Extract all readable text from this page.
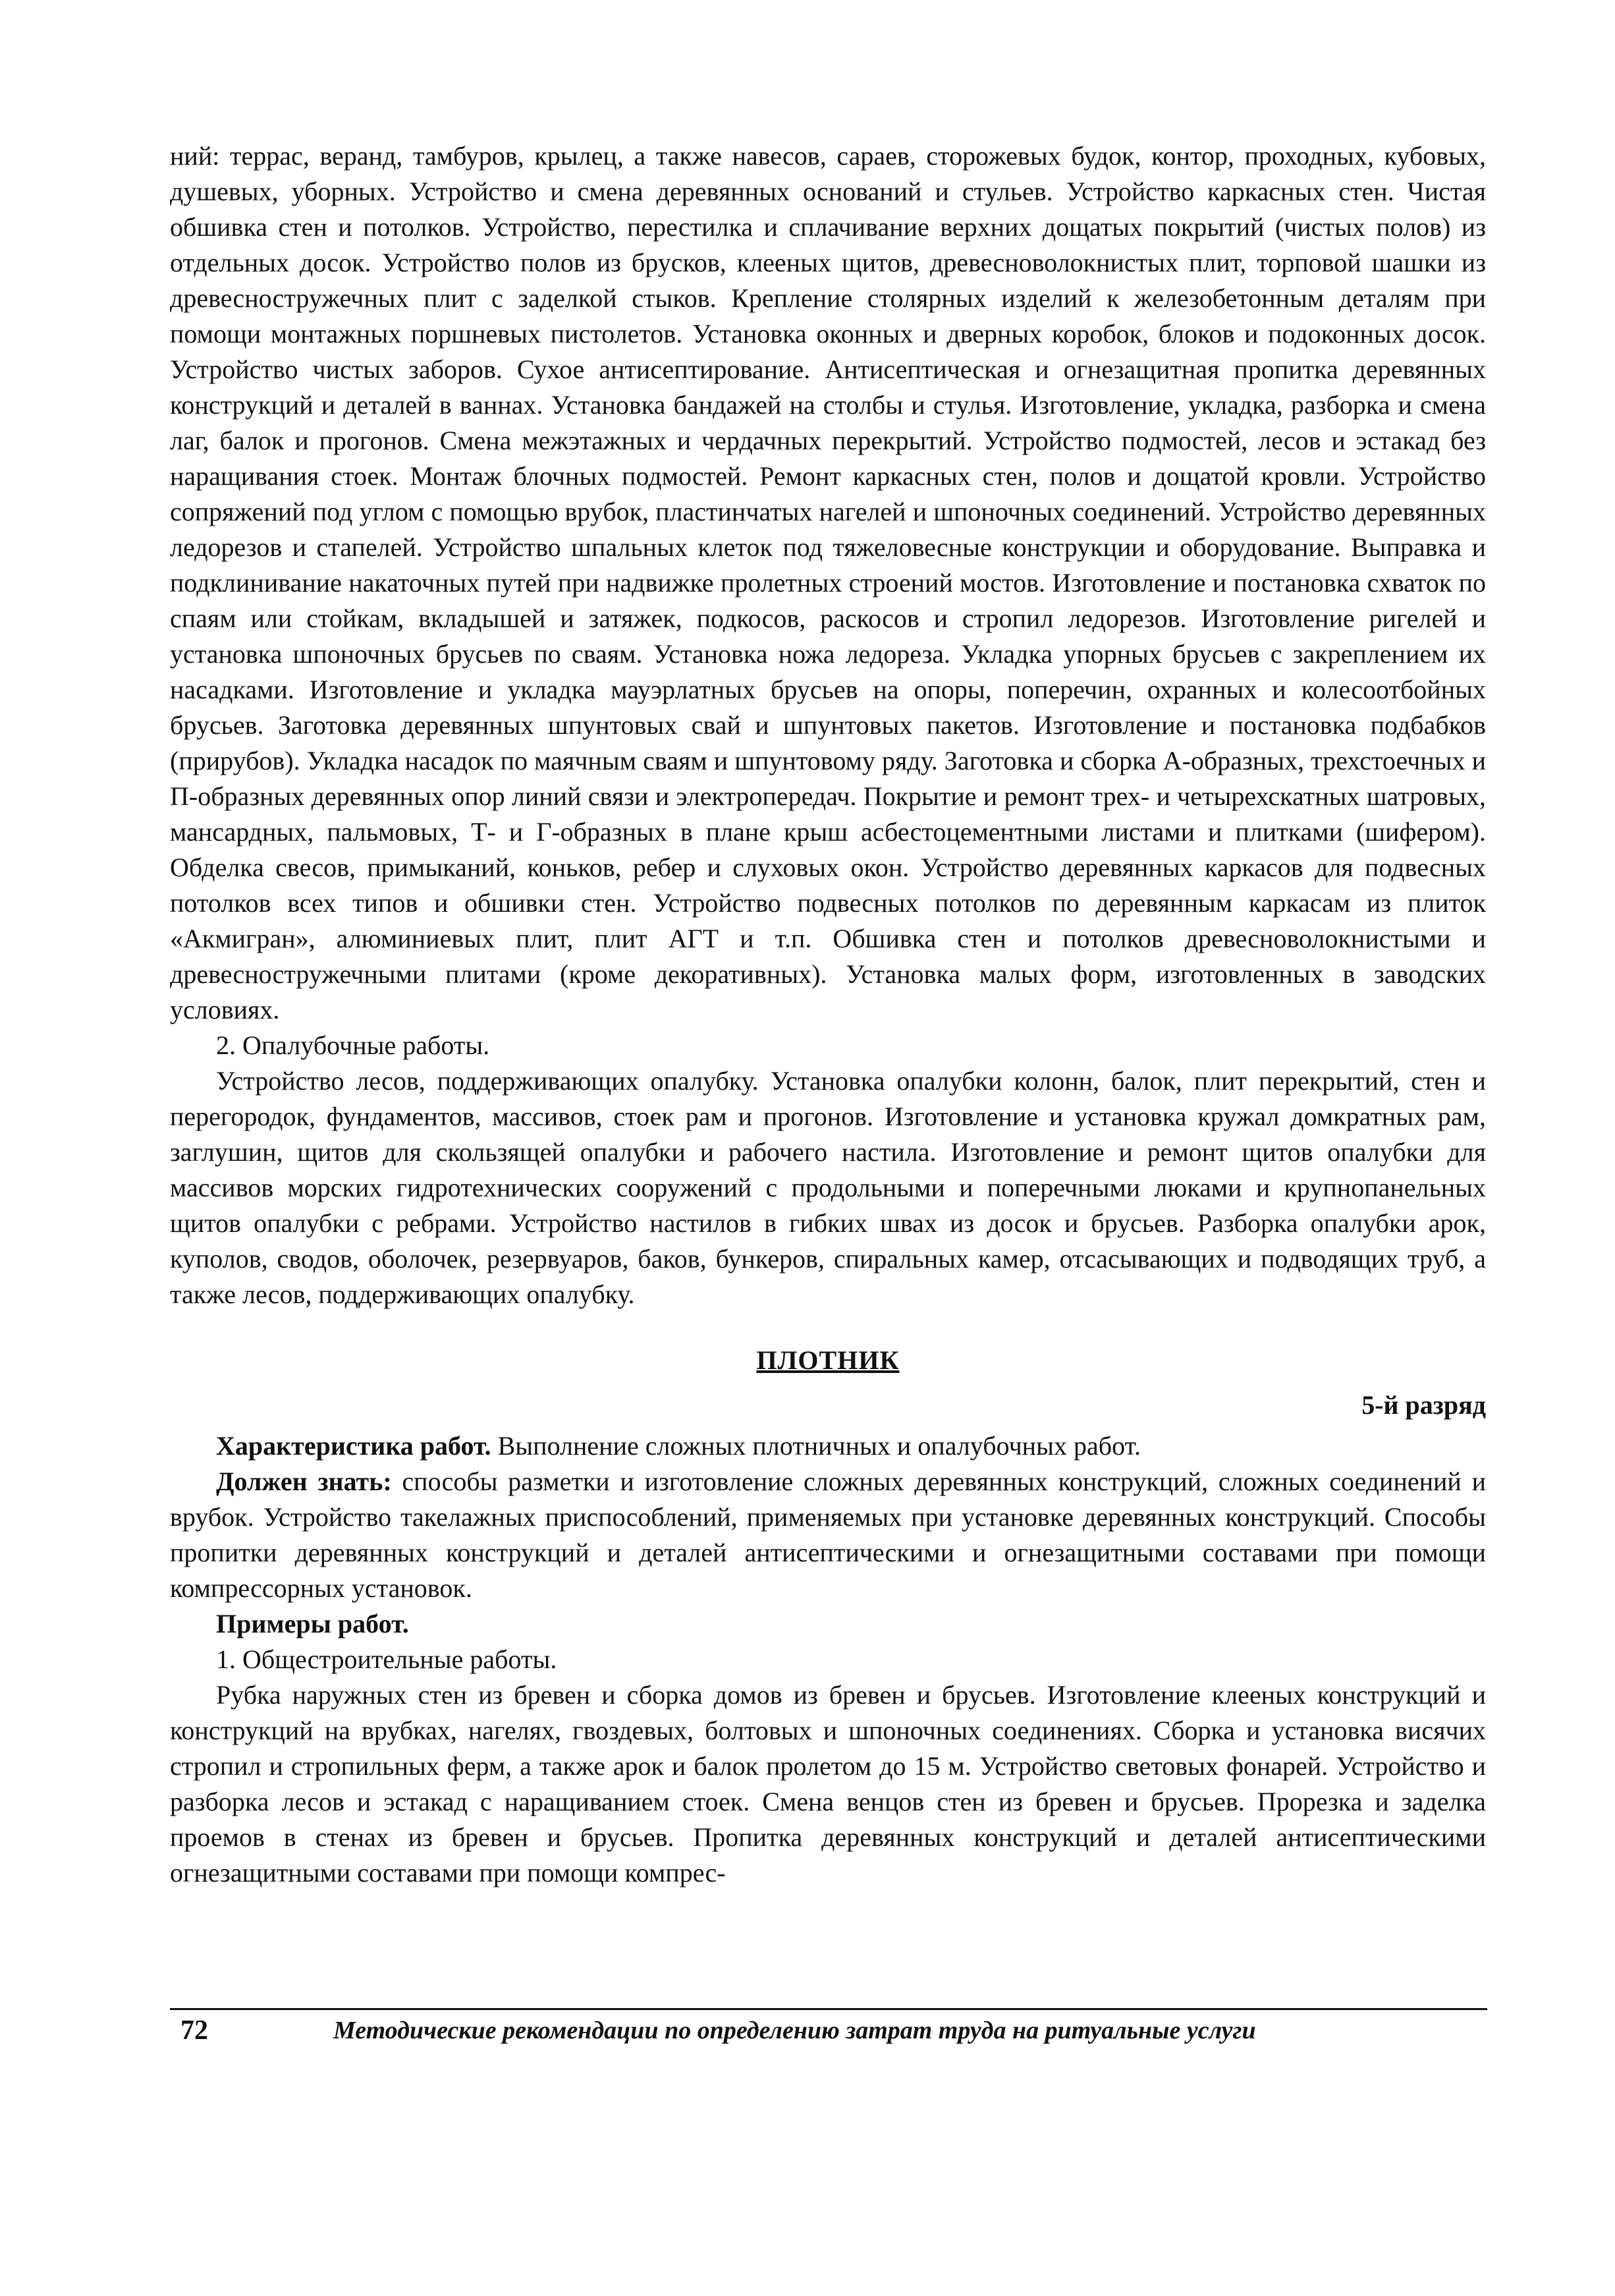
ний: террас, веранд, тамбуров, крылец, а также навесов, сараев, сторожевых будок, контор, проходных, кубовых, душевых, уборных. Устройство и смена деревянных оснований и стульев. Устройство каркасных стен. Чистая обшивка стен и потолков. Устройство, перестилка и сплачивание верхних дощатых покрытий (чистых полов) из отдельных досок. Устройство полов из брусков, клееных щитов, древесноволокнистых плит, торповой шашки из древесностружечных плит с заделкой стыков. Крепление столярных изделий к железобетонным деталям при помощи монтажных поршневых пистолетов. Установка оконных и дверных коробок, блоков и подоконных досок. Устройство чистых заборов. Сухое антисептирование. Антисептическая и огнезащитная пропитка деревянных конструкций и деталей в ваннах. Установка бандажей на столбы и стулья. Изготовление, укладка, разборка и смена лаг, балок и прогонов. Смена межэтажных и чердачных перекрытий. Устройство подмостей, лесов и эстакад без наращивания стоек. Монтаж блочных подмостей. Ремонт каркасных стен, полов и дощатой кровли. Устройство сопряжений под углом с помощью врубок, пластинчатых нагелей и шпоночных соединений. Устройство деревянных ледорезов и стапелей. Устройство шпальных клеток под тяжеловесные конструкции и оборудование. Выправка и подклинивание накаточных путей при надвижке пролетных строений мостов. Изготовление и постановка схваток по спаям или стойкам, вкладышей и затяжек, подкосов, раскосов и стропил ледорезов. Изготовление ригелей и установка шпоночных брусьев по сваям. Установка ножа ледореза. Укладка упорных брусьев с закреплением их насадками. Изготовление и укладка мауэрлатных брусьев на опоры, поперечин, охранных и колесоотбойных брусьев. Заготовка деревянных шпунтовых свай и шпунтовых пакетов. Изготовление и постановка подбабков (прирубов). Укладка насадок по маячным сваям и шпунтовому ряду. Заготовка и сборка А-образных, трехстоечных и П-образных деревянных опор линий связи и электропередач. Покрытие и ремонт трех- и четырехскатных шатровых, мансардных, пальмовых, Т- и Г-образных в плане крыш асбестоцементными листами и плитками (шифером). Обделка свесов, примыканий, коньков, ребер и слуховых окон. Устройство деревянных каркасов для подвесных потолков всех типов и обшивки стен. Устройство подвесных потолков по деревянным каркасам из плиток «Акмигран», алюминиевых плит, плит АГТ и т.п. Обшивка стен и потолков древесноволокнистыми и древесностружечными плитами (кроме декоративных). Установка малых форм, изготовленных в заводских условиях.

2. Опалубочные работы.

Устройство лесов, поддерживающих опалубку. Установка опалубки колонн, балок, плит перекрытий, стен и перегородок, фундаментов, массивов, стоек рам и прогонов. Изготовление и установка кружал домкратных рам, заглушин, щитов для скользящей опалубки и рабочего настила. Изготовление и ремонт щитов опалубки для массивов морских гидротехнических сооружений с продольными и поперечными люками и крупнопанельных щитов опалубки с ребрами. Устройство настилов в гибких швах из досок и брусьев. Разборка опалубки арок, куполов, сводов, оболочек, резервуаров, баков, бункеров, спиральных камер, отсасывающих и подводящих труб, а также лесов, поддерживающих опалубку.

ПЛОТНИК
5-й разряд

Характеристика работ. Выполнение сложных плотничных и опалубочных работ.

Должен знать: способы разметки и изготовление сложных деревянных конструкций, сложных соединений и врубок. Устройство такелажных приспособлений, применяемых при установке деревянных конструкций. Способы пропитки деревянных конструкций и деталей антисептическими и огнезащитными составами при помощи компрессорных установок.

Примеры работ.

1. Общестроительные работы.

Рубка наружных стен из бревен и сборка домов из бревен и брусьев. Изготовление клееных конструкций и конструкций на врубках, нагелях, гвоздевых, болтовых и шпоночных соединениях. Сборка и установка висячих стропил и стропильных ферм, а также арок и балок пролетом до 15 м. Устройство световых фонарей. Устройство и разборка лесов и эстакад с наращиванием стоек. Смена венцов стен из бревен и брусьев. Прорезка и заделка проемов в стенах из бревен и брусьев. Пропитка деревянных конструкций и деталей антисептическими огнезащитными составами при помощи компрес-

72	Методические рекомендации по определению затрат труда на ритуальные услуги
